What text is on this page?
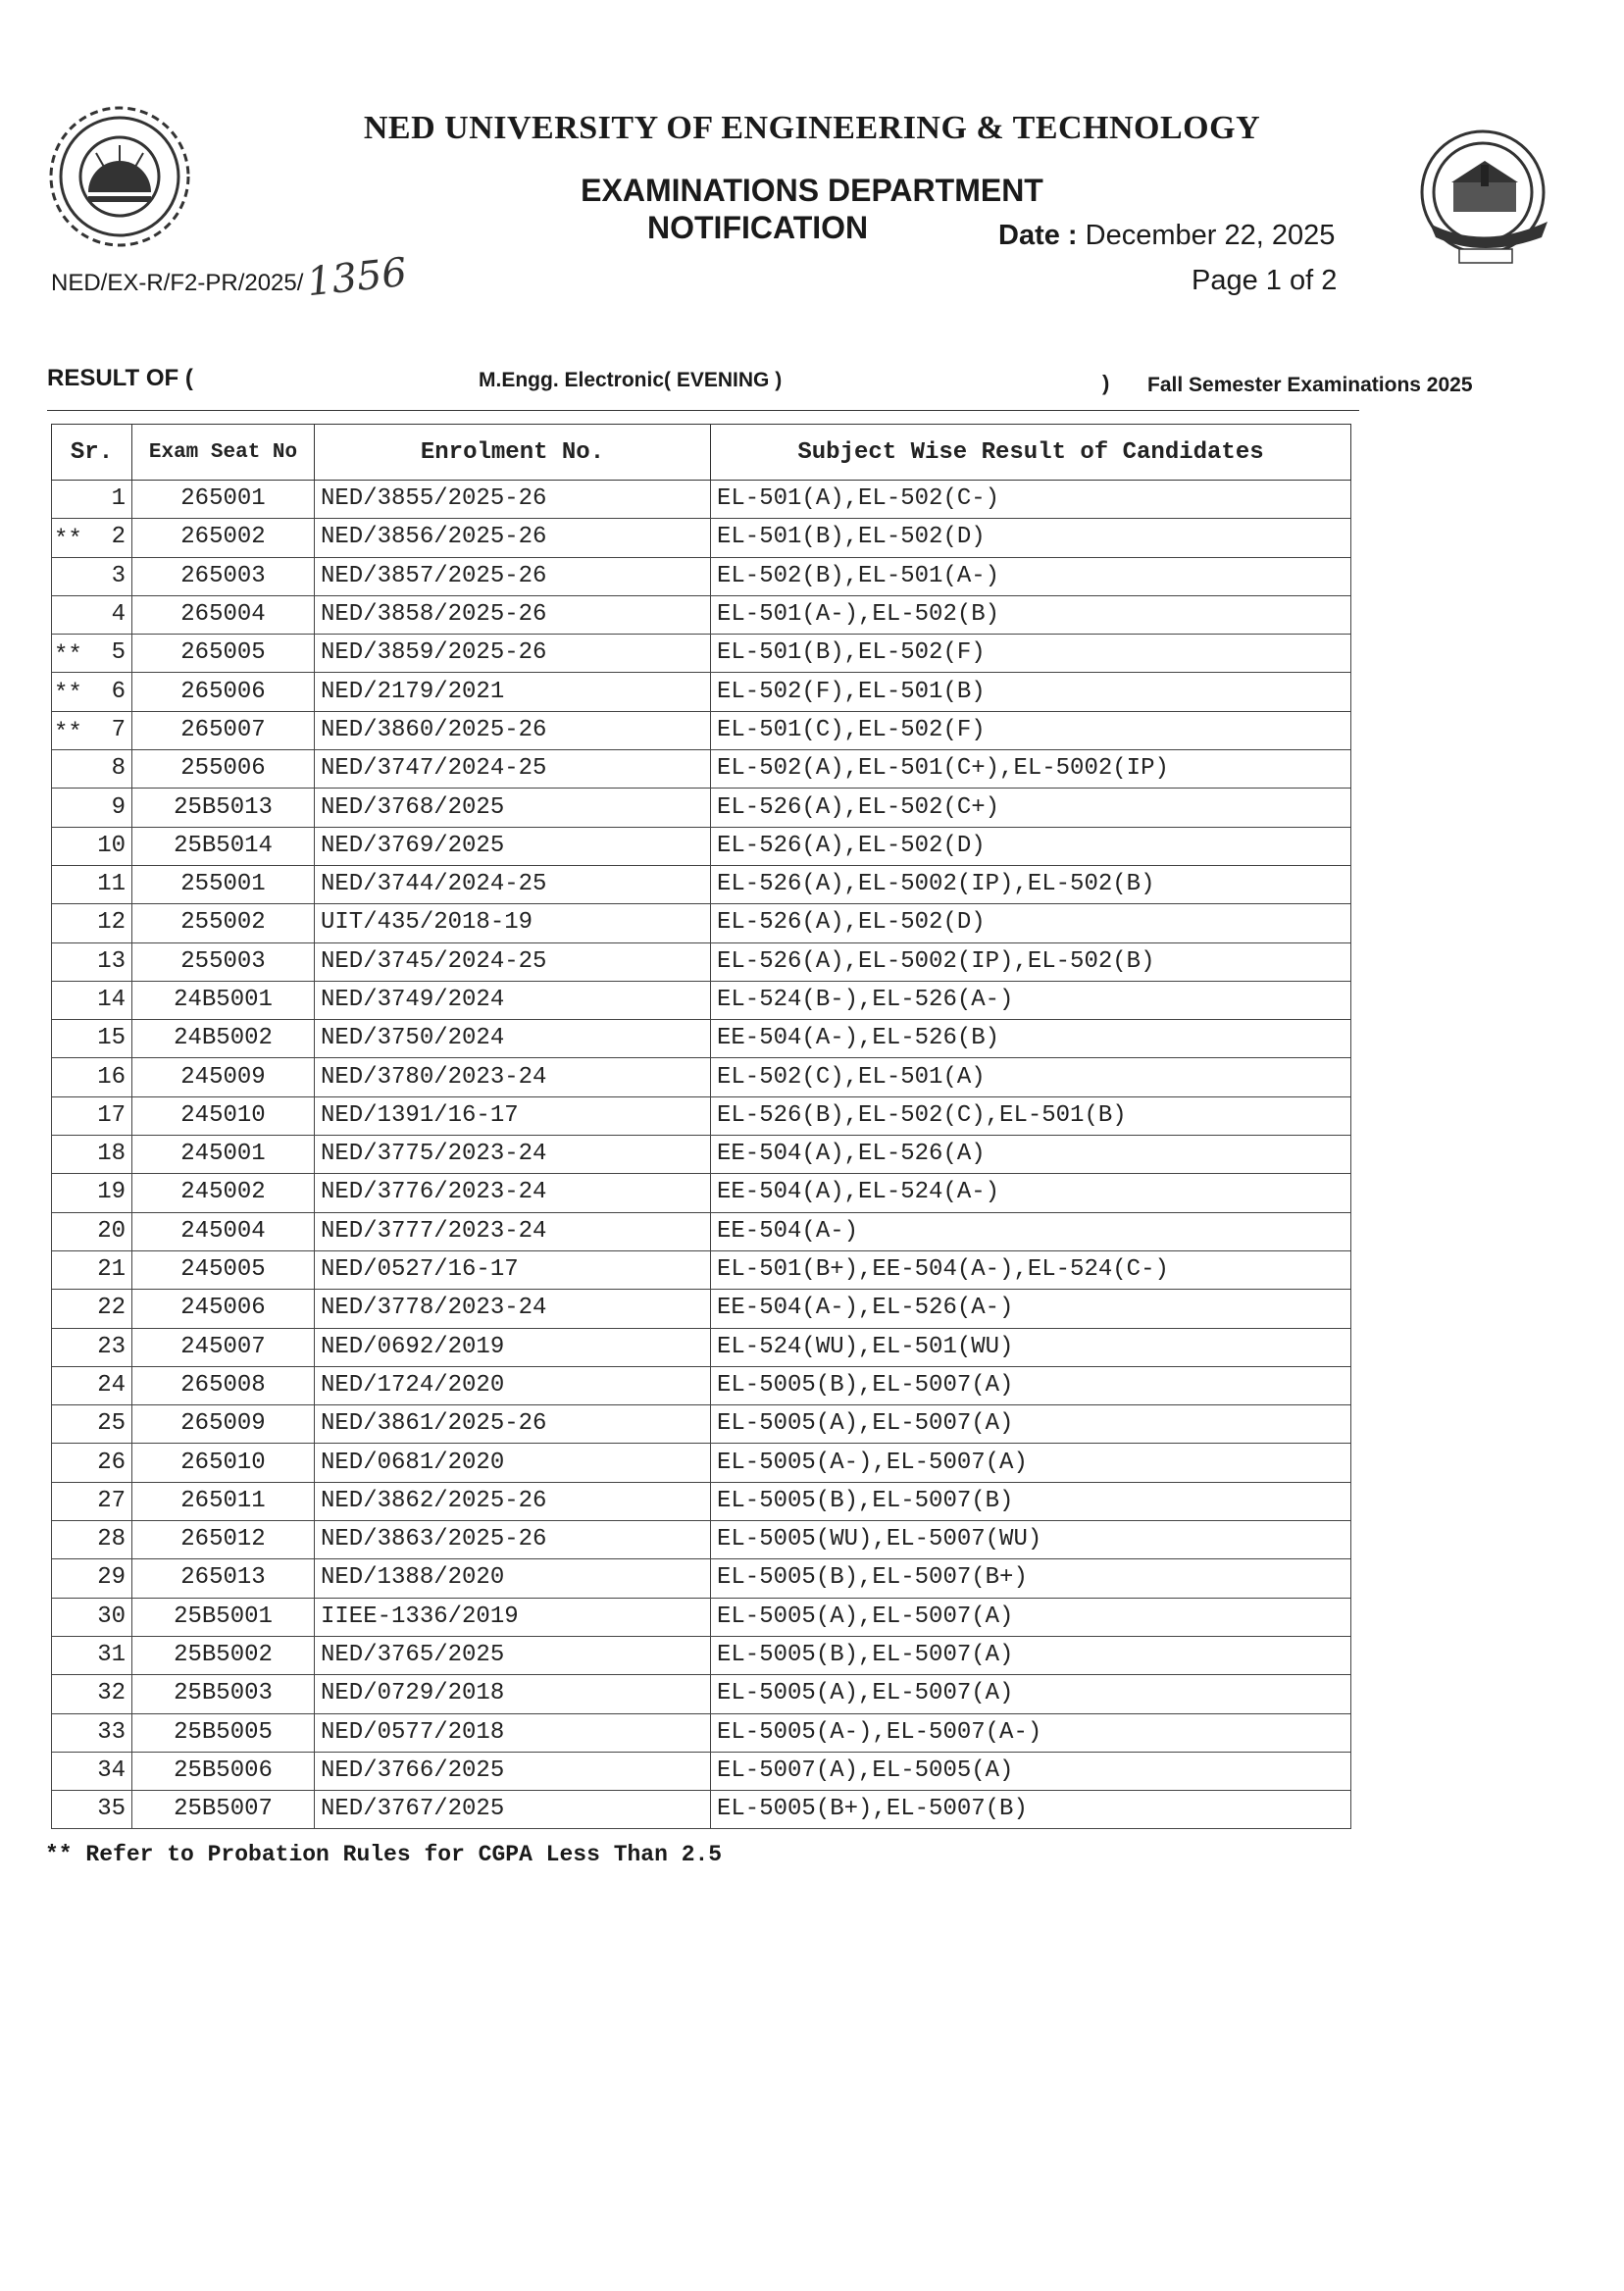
NED UNIVERSITY OF ENGINEERING & TECHNOLOGY
EXAMINATIONS DEPARTMENT
NOTIFICATION	Date : December 22, 2025
Page 1 of 2
NED/EX-R/F2-PR/2025/1356
RESULT OF (	M.Engg. Electronic( EVENING )	) Fall Semester Examinations 2025
Sr.	Exam Seat No	Enrolment No.	Subject Wise Result of Candidates

1	265001	NED/3855/2025-26	EL-501(A),EL-502(C-)

** 2	265002	NED/3856/2025-26	EL-501(B),EL-502(D)

3	265003	NED/3857/2025-26	EL-502(B),EL-501(A-)

4	265004	NED/3858/2025-26	EL-501(A-),EL-502(B)

** 5	265005	NED/3859/2025-26	EL-501(B),EL-502(F)

** 6	265006	NED/2179/2021	EL-502(F),EL-501(B)

** 7	265007	NED/3860/2025-26	EL-501(C),EL-502(F)

8	255006	NED/3747/2024-25	EL-502(A),EL-501(C+),EL-5002(IP)

9	25B5013	NED/3768/2025	EL-526(A),EL-502(C+)

10	25B5014	NED/3769/2025	EL-526(A),EL-502(D)

11	255001	NED/3744/2024-25	EL-526(A),EL-5002(IP),EL-502(B)

12	255002	UIT/435/2018-19	EL-526(A),EL-502(D)

13	255003	NED/3745/2024-25	EL-526(A),EL-5002(IP),EL-502(B)

14	24B5001	NED/3749/2024	EL-524(B-),EL-526(A-)

15	24B5002	NED/3750/2024	EE-504(A-),EL-526(B)

16	245009	NED/3780/2023-24	EL-502(C),EL-501(A)

17	245010	NED/1391/16-17	EL-526(B),EL-502(C),EL-501(B)

18	245001	NED/3775/2023-24	EE-504(A),EL-526(A)

19	245002	NED/3776/2023-24	EE-504(A),EL-524(A-)

20	245004	NED/3777/2023-24	EE-504(A-)

21	245005	NED/0527/16-17	EL-501(B+),EE-504(A-),EL-524(C-)

22	245006	NED/3778/2023-24	EE-504(A-),EL-526(A-)

23	245007	NED/0692/2019	EL-524(WU),EL-501(WU)

24	265008	NED/1724/2020	EL-5005(B),EL-5007(A)

25	265009	NED/3861/2025-26	EL-5005(A),EL-5007(A)

26	265010	NED/0681/2020	EL-5005(A-),EL-5007(A)

27	265011	NED/3862/2025-26	EL-5005(B),EL-5007(B)

28	265012	NED/3863/2025-26	EL-5005(WU),EL-5007(WU)

29	265013	NED/1388/2020	EL-5005(B),EL-5007(B+)

30	25B5001	IIEE-1336/2019	EL-5005(A),EL-5007(A)

31	25B5002	NED/3765/2025	EL-5005(B),EL-5007(A)

32	25B5003	NED/0729/2018	EL-5005(A),EL-5007(A)

33	25B5005	NED/0577/2018	EL-5005(A-),EL-5007(A-)

34	25B5006	NED/3766/2025	EL-5007(A),EL-5005(A)

35	25B5007	NED/3767/2025	EL-5005(B+),EL-5007(B)
** Refer to Probation Rules for CGPA Less Than 2.5
